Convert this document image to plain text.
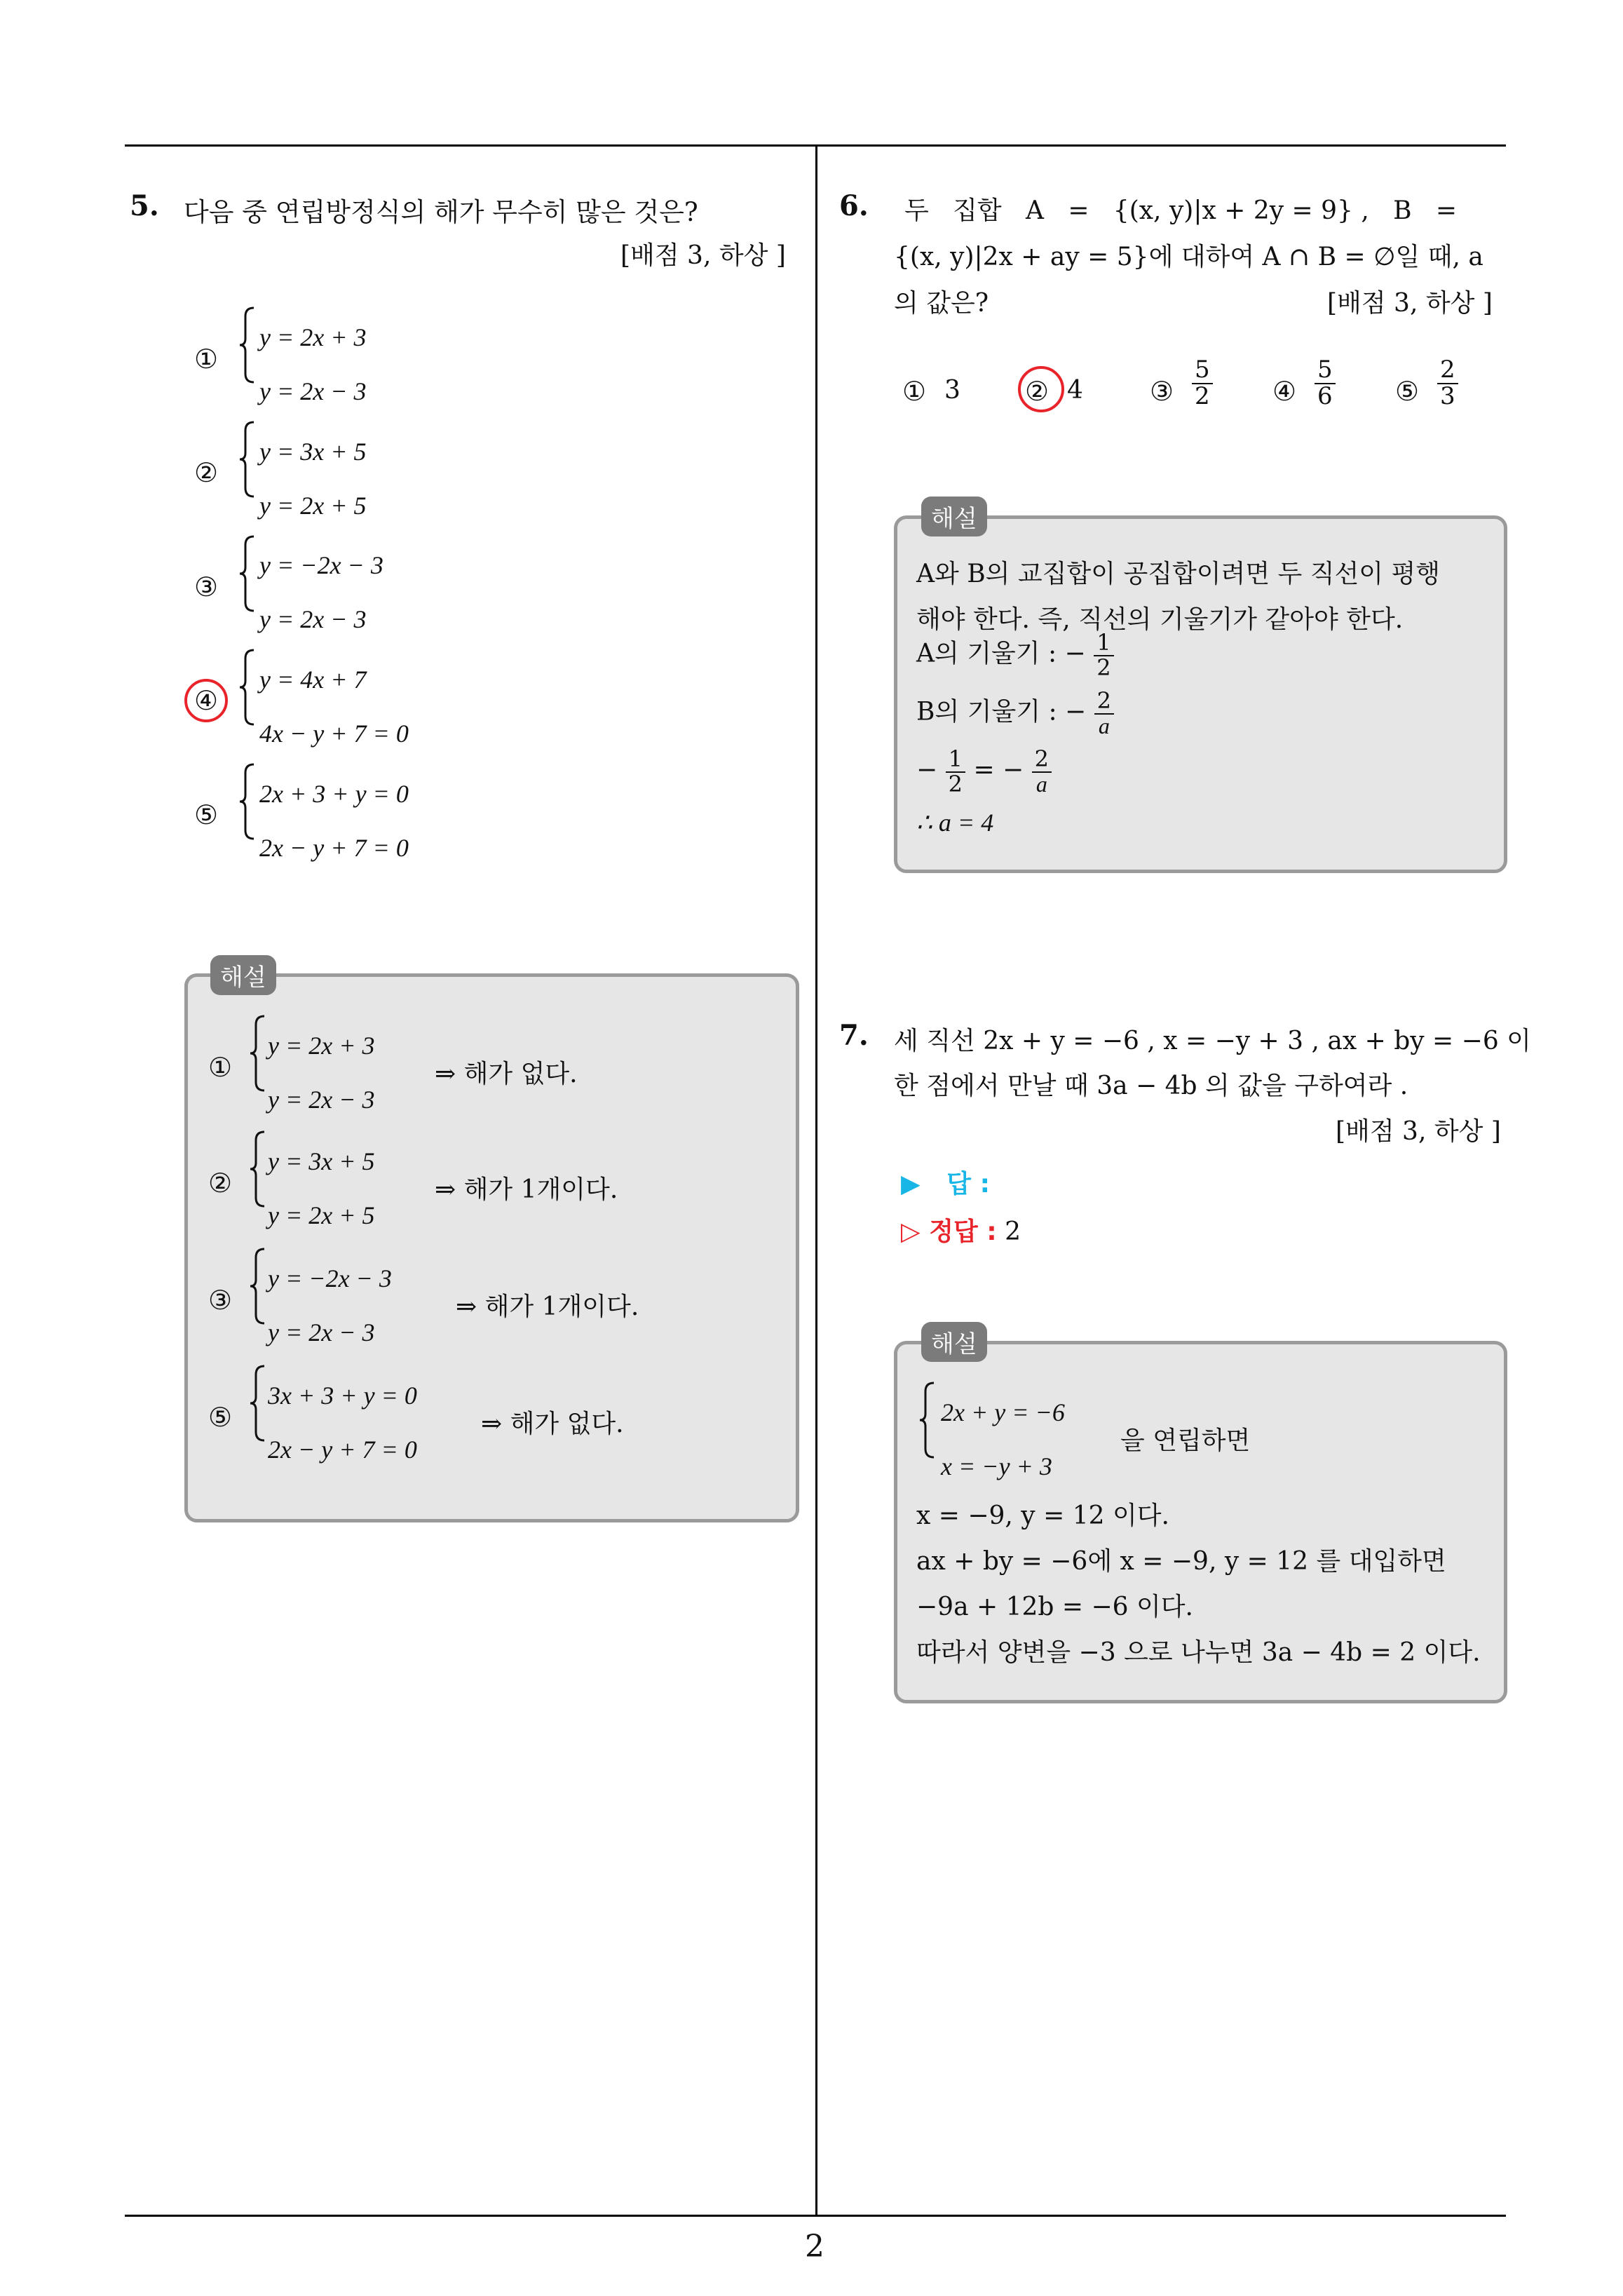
2
5. 다음 중 연립방정식의 해가 무수히 많은 것은?
[배점 3, 하상 ]
①
y = 2x + 3
y = 2x − 3
②
y = 3x + 5
y = 2x + 5
③
y = −2x − 3
y = 2x − 3
④
y = 4x + 7
4x − y + 7 = 0
⑤
2x + 3 + y = 0
2x − y + 7 = 0
해설
①
y = 2x + 3
y = 2x − 3
⇒ 해가 없다.
②
y = 3x + 5
y = 2x + 5
⇒ 해가 1개이다.
③
y = −2x − 3
y = 2x − 3
⇒ 해가 1개이다.
⑤
3x + 3 + y = 0
2x − y + 7 = 0
⇒ 해가 없다.
6. 두   집합   A   =   {(x, y)|x + 2y = 9} ,   B   =
{(x, y)|2x + ay = 5}에 대하여 A ∩ B = ∅일 때, a
의 값은?	[배점 3, 하상 ]
① 3 ② 4	③ $\frac{5}{2}$ ④ $\frac{5}{6}$ ⑤ $\frac{2}{3}$
해설
A와 B의 교집합이 공집합이려면 두 직선이 평행
해야 한다. 즉, 직선의 기울기가 같아야 한다.
A의 기울기 : − $\frac{1}{2}$
B의 기울기 : − $\frac{2}{a}$
− $\frac{1}{2}$ = − $\frac{2}{a}$
∴ a = 4
7. 세 직선 2x + y = −6 , x = −y + 3 , ax + by = −6 이
한 점에서 만날 때 3a − 4b 의 값을 구하여라 .
[배점 3, 하상 ]
▶   답 :
▷ 정답 : 2
해설
2x + y = −6
x = −y + 3
을 연립하면
x = −9, y = 12 이다.
ax + by = −6에 x = −9, y = 12 를 대입하면
−9a + 12b = −6 이다.
따라서 양변을 −3 으로 나누면 3a − 4b = 2 이다.
